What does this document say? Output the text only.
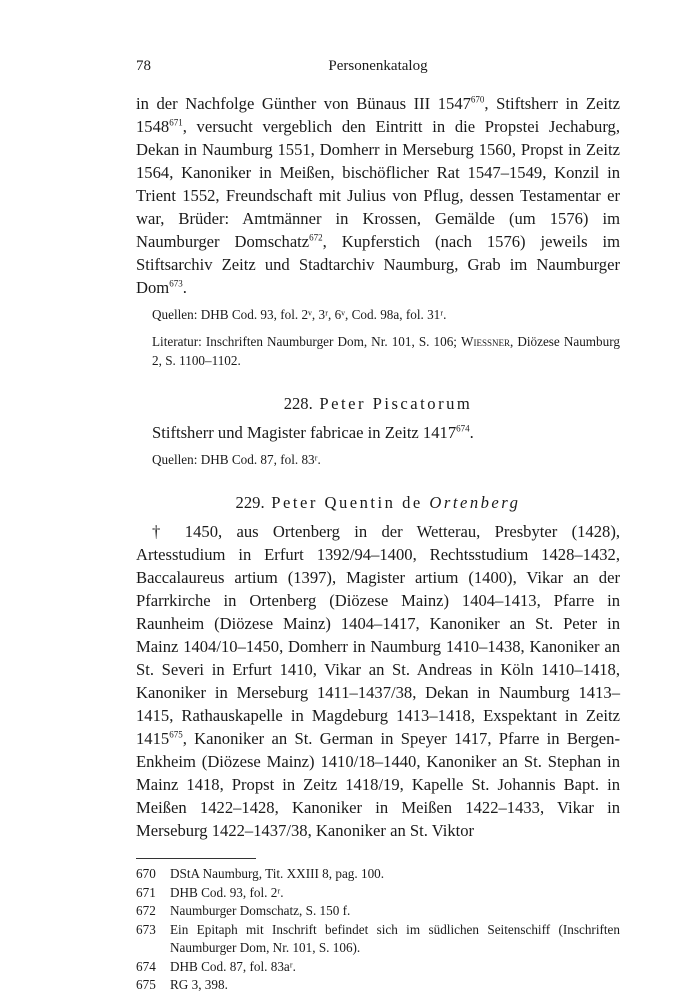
78	Personenkatalog

in der Nachfolge Günther von Bünaus III 1547$^{670}$, Stiftsherr in Zeitz 1548$^{671}$, versucht vergeblich den Eintritt in die Propstei Jechaburg, Dekan in Naumburg 1551, Domherr in Merseburg 1560, Propst in Zeitz 1564, Kanoniker in Meißen, bischöflicher Rat 1547–1549, Konzil in Trient 1552, Freundschaft mit Julius von Pflug, dessen Testamentar er war, Brüder: Amtmänner in Krossen, Gemälde (um 1576) im Naumburger Domschatz$^{672}$, Kupferstich (nach 1576) jeweils im Stiftsarchiv Zeitz und Stadtarchiv Naumburg, Grab im Naumburger Dom$^{673}$.

Quellen: DHB Cod. 93, fol. 2ᵛ, 3ʳ, 6ᵛ, Cod. 98a, fol. 31ʳ.
Literatur: Inschriften Naumburger Dom, Nr. 101, S. 106; Wießner, Diözese Naumburg 2, S. 1100–1102.
228. Peter Piscatorum

Stiftsherr und Magister fabricae in Zeitz 1417$^{674}$.

Quellen: DHB Cod. 87, fol. 83ʳ.
229. Peter Quentin de Ortenberg

† 1450, aus Ortenberg in der Wetterau, Presbyter (1428), Artesstudium in Erfurt 1392/94–1400, Rechtsstudium 1428–1432, Baccalaureus artium (1397), Magister artium (1400), Vikar an der Pfarrkirche in Ortenberg (Diözese Mainz) 1404–1413, Pfarre in Raunheim (Diözese Mainz) 1404–1417, Kanoniker an St. Peter in Mainz 1404/10–1450, Domherr in Naumburg 1410–1438, Kanoniker an St. Severi in Erfurt 1410, Vikar an St. Andreas in Köln 1410–1418, Kanoniker in Merseburg 1411–1437/38, Dekan in Naumburg 1413–1415, Rathauskapelle in Magdeburg 1413–1418, Exspektant in Zeitz 1415$^{675}$, Kanoniker an St. German in Speyer 1417, Pfarre in Bergen-Enkheim (Diözese Mainz) 1410/18–1440, Kanoniker an St. Stephan in Mainz 1418, Propst in Zeitz 1418/19, Kapelle St. Johannis Bapt. in Meißen 1422–1428, Kanoniker in Meißen 1422–1433, Vikar in Merseburg 1422–1437/38, Kanoniker an St. Viktor

670 DStA Naumburg, Tit. XXIII 8, pag. 100.
671 DHB Cod. 93, fol. 2ʳ.
672 Naumburger Domschatz, S. 150 f.
673 Ein Epitaph mit Inschrift befindet sich im südlichen Seitenschiff (Inschriften Naumburger Dom, Nr. 101, S. 106).
674 DHB Cod. 87, fol. 83aʳ.
675 RG 3, 398.
